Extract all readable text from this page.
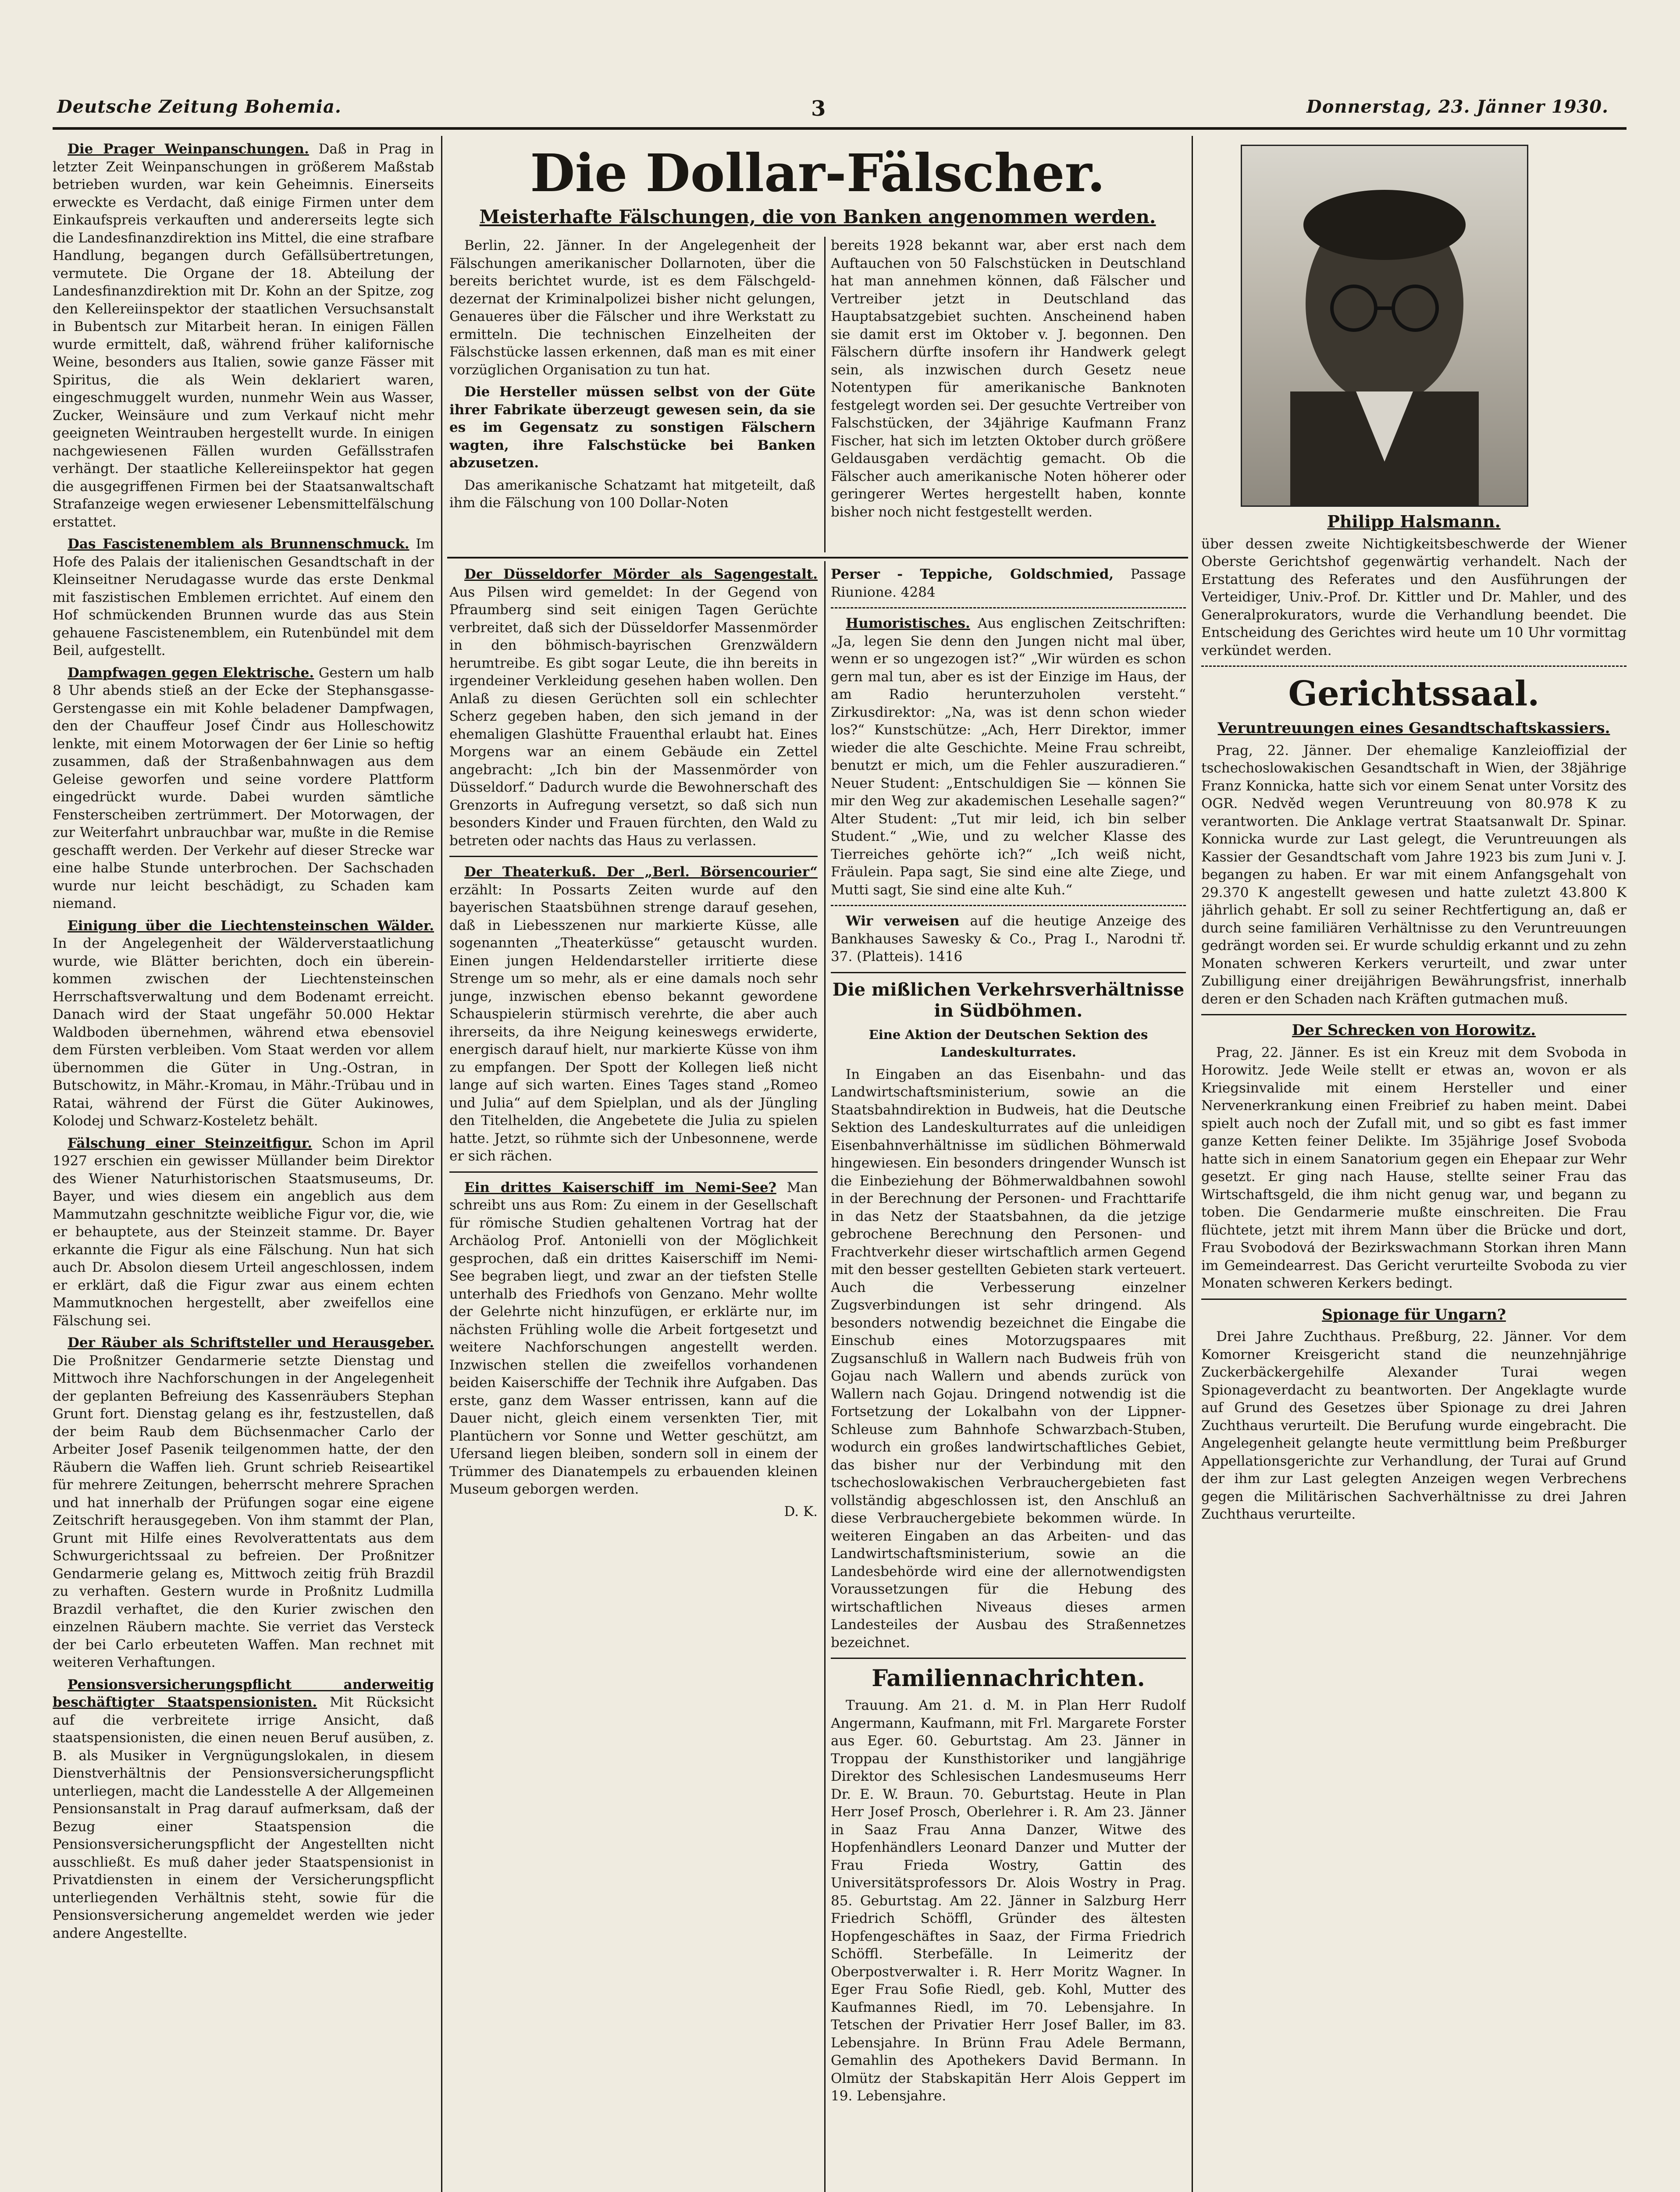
Deutsche Zeitung Bohemia.	3	Donnerstag, 23. Jänner 1930.

Die Prager Weinpanschungen. Daß in Prag in letzter Zeit Weinpanschungen in größerem Maßstab betrieben wurden, war kein Geheimnis. Einerseits erweckte es Verdacht, daß einige Firmen unter dem Einkaufspreis verkauften und andererseits legte sich die Landesfinanzdirektion ins Mittel, die eine strafbare Handlung, begangen durch Gefällsübertretungen, vermutete. Die Organe der 18. Abteilung der Landesfinanzdirektion mit Dr. Kohn an der Spitze, zog den Kellereiinspektor der staatlichen Versuchsanstalt in Bubentsch zur Mitarbeit heran. In einigen Fällen wurde ermittelt, daß, während früher kalifornische Weine, besonders aus Italien, sowie ganze Fässer mit Spiritus, die als Wein deklariert waren, eingeschmuggelt wurden, nunmehr Wein aus Wasser, Zucker, Weinsäure und zum Verkauf nicht mehr geeigneten Weintrauben hergestellt wurde. In einigen nachgewiesenen Fällen wurden Gefällsstrafen verhängt. Der staatliche Kellereiinspektor hat gegen die ausgegriffenen Firmen bei der Staatsanwaltschaft Strafanzeige wegen erwiesener Lebensmittelfälschung erstattet.

Das Fascistenemblem als Brunnenschmuck. Im Hofe des Palais der italienischen Gesandtschaft in der Kleinseitner Nerudagasse wurde das erste Denkmal mit faszistischen Emblemen errichtet. Auf einem den Hof schmückenden Brunnen wurde das aus Stein gehauene Fascistenemblem, ein Rutenbündel mit dem Beil, aufgestellt.

Dampfwagen gegen Elektrische. Gestern um halb 8 Uhr abends stieß an der Ecke der Stephansgasse-Gerstengasse ein mit Kohle beladener Dampfwagen, den der Chauffeur Josef Čindr aus Holleschowitz lenkte, mit einem Motorwagen der 6er Linie so heftig zusammen, daß der Straßenbahnwagen aus dem Geleise geworfen und seine vordere Plattform eingedrückt wurde. Dabei wurden sämtliche Fensterscheiben zertrümmert. Der Motorwagen, der zur Weiterfahrt unbrauchbar war, mußte in die Remise geschafft werden. Der Verkehr auf dieser Strecke war eine halbe Stunde unterbrochen. Der Sachschaden wurde nur leicht beschädigt, zu Schaden kam niemand.

Einigung über die Liechtensteinschen Wälder. In der Angelegenheit der Wälderverstaatlichung wurde, wie Blätter berichten, doch ein übereinkommen zwischen der Liechtensteinschen Herrschaftsverwaltung und dem Bodenamt erreicht. Danach wird der Staat ungefähr 50.000 Hektar Waldboden übernehmen, während etwa ebensoviel dem Fürsten verbleiben. Vom Staat werden vor allem übernommen die Güter in Ung.-Ostran, in Butschowitz, in Mähr.-Kromau, in Mähr.-Trübau und in Ratai, während der Fürst die Güter Aukinowes, Kolodej und Schwarz-Kosteletz behält.

Fälschung einer Steinzeitfigur. Schon im April 1927 erschien ein gewisser Müllander beim Direktor des Wiener Naturhistorischen Staatsmuseums, Dr. Bayer, und wies diesem ein angeblich aus dem Mammutzahn geschnitzte weibliche Figur vor, die, wie er behauptete, aus der Steinzeit stamme. Dr. Bayer erkannte die Figur als eine Fälschung. Nun hat sich auch Dr. Absolon diesem Urteil angeschlossen, indem er erklärt, daß die Figur zwar aus einem echten Mammutknochen hergestellt, aber zweifellos eine Fälschung sei.

Der Räuber als Schriftsteller und Herausgeber. Die Proßnitzer Gendarmerie setzte Dienstag und Mittwoch ihre Nachforschungen in der Angelegenheit der geplanten Befreiung des Kassenräubers Stephan Grunt fort. Dienstag gelang es ihr, festzustellen, daß der beim Raub dem Büchsenmacher Carlo der Arbeiter Josef Pasenik teilgenommen hatte, der den Räubern die Waffen lieh. Grunt schrieb Reiseartikel für mehrere Zeitungen, beherrscht mehrere Sprachen und hat innerhalb der Prüfungen sogar eine eigene Zeitschrift herausgegeben. Von ihm stammt der Plan, Grunt mit Hilfe eines Revolverattentats aus dem Schwurgerichtssaal zu befreien. Der Proßnitzer Gendarmerie gelang es, Mittwoch zeitig früh Brazdil zu verhaften. Gestern wurde in Proßnitz Ludmilla Brazdil verhaftet, die den Kurier zwischen den einzelnen Räubern machte. Sie verriet das Versteck der bei Carlo erbeuteten Waffen. Man rechnet mit weiteren Verhaftungen.

Pensionsversicherungspflicht anderweitig beschäftigter Staatspensionisten. Mit Rücksicht auf die verbreitete irrige Ansicht, daß staatspensionisten, die einen neuen Beruf ausüben, z. B. als Musiker in Vergnügungslokalen, in diesem Dienstverhältnis der Pensionsversicherungspflicht unterliegen, macht die Landesstelle A der Allgemeinen Pensionsanstalt in Prag darauf aufmerksam, daß der Bezug einer Staatspension die Pensionsversicherungspflicht der Angestellten nicht ausschließt. Es muß daher jeder Staatspensionist in Privatdiensten in einem der Versicherungspflicht unterliegenden Verhältnis steht, sowie für die Pensionsversicherung angemeldet werden wie jeder andere Angestellte.

Die Dollar-Fälscher.
Meisterhafte Fälschungen, die von Banken angenommen werden.

Berlin, 22. Jänner. In der Angelegenheit der Fälschungen amerikanischer Dollarnoten, über die bereits berichtet wurde, ist es dem Fälschgeld-dezernat der Kriminalpolizei bisher nicht gelungen, Genaueres über die Fälscher und ihre Werkstatt zu ermitteln. Die technischen Einzelheiten der Fälschstücke lassen erkennen, daß man es mit einer vorzüglichen Organisation zu tun hat.

Die Hersteller müssen selbst von der Güte ihrer Fabrikate überzeugt gewesen sein, da sie es im Gegensatz zu sonstigen Fälschern wagten, ihre Falschstücke bei Banken abzusetzen.

Das amerikanische Schatzamt hat mitgeteilt, daß ihm die Fälschung von 100 Dollar-Noten

bereits 1928 bekannt war, aber erst nach dem Auftauchen von 50 Falschstücken in Deutschland hat man annehmen können, daß Fälscher und Vertreiber jetzt in Deutschland das Hauptabsatzgebiet suchten. Anscheinend haben sie damit erst im Oktober v. J. begonnen. Den Fälschern dürfte insofern ihr Handwerk gelegt sein, als inzwischen durch Gesetz neue Notentypen für amerikanische Banknoten festgelegt worden sei. Der gesuchte Vertreiber von Falschstücken, der 34jährige Kaufmann Franz Fischer, hat sich im letzten Oktober durch größere Geldausgaben verdächtig gemacht. Ob die Fälscher auch amerikanische Noten höherer oder geringerer Wertes hergestellt haben, konnte bisher noch nicht festgestellt werden.

Der Düsseldorfer Mörder als Sagengestalt. Aus Pilsen wird gemeldet: In der Gegend von Pfraumberg sind seit einigen Tagen Gerüchte verbreitet, daß sich der Düsseldorfer Massenmörder in den böhmisch-bayrischen Grenzwäldern herumtreibe. Es gibt sogar Leute, die ihn bereits in irgendeiner Verkleidung gesehen haben wollen. Den Anlaß zu diesen Gerüchten soll ein schlechter Scherz gegeben haben, den sich jemand in der ehemaligen Glashütte Frauenthal erlaubt hat. Eines Morgens war an einem Gebäude ein Zettel angebracht: „Ich bin der Massenmörder von Düsseldorf.“ Dadurch wurde die Bewohnerschaft des Grenzorts in Aufregung versetzt, so daß sich nun besonders Kinder und Frauen fürchten, den Wald zu betreten oder nachts das Haus zu verlassen.

Der Theaterkuß. Der „Berl. Börsencourier“ erzählt: In Possarts Zeiten wurde auf den bayerischen Staatsbühnen strenge darauf gesehen, daß in Liebesszenen nur markierte Küsse, alle sogenannten „Theaterküsse“ getauscht wurden. Einen jungen Heldendarsteller irritierte diese Strenge um so mehr, als er eine damals noch sehr junge, inzwischen ebenso bekannt gewordene Schauspielerin stürmisch verehrte, die aber auch ihrerseits, da ihre Neigung keineswegs erwiderte, energisch darauf hielt, nur markierte Küsse von ihm zu empfangen. Der Spott der Kollegen ließ nicht lange auf sich warten. Eines Tages stand „Romeo und Julia“ auf dem Spielplan, und als der Jüngling den Titelhelden, die Angebetete die Julia zu spielen hatte. Jetzt, so rühmte sich der Unbesonnene, werde er sich rächen.

Ein drittes Kaiserschiff im Nemi-See? Man schreibt uns aus Rom: Zu einem in der Gesellschaft für römische Studien gehaltenen Vortrag hat der Archäolog Prof. Antonielli von der Möglichkeit gesprochen, daß ein drittes Kaiserschiff im Nemi-See begraben liegt, und zwar an der tiefsten Stelle unterhalb des Friedhofs von Genzano. Mehr wollte der Gelehrte nicht hinzufügen, er erklärte nur, im nächsten Frühling wolle die Arbeit fortgesetzt und weitere Nachforschungen angestellt werden. Inzwischen stellen die zweifellos vorhandenen beiden Kaiserschiffe der Technik ihre Aufgaben. Das erste, ganz dem Wasser entrissen, kann auf die Dauer nicht, gleich einem versenkten Tier, mit Plantüchern vor Sonne und Wetter geschützt, am Ufersand liegen bleiben, sondern soll in einem der Trümmer des Dianatempels zu erbauenden kleinen Museum geborgen werden.

D. K.

Perser - Teppiche, Goldschmied, Passage Riunione. 4284

Humoristisches. Aus englischen Zeitschriften: „Ja, legen Sie denn den Jungen nicht mal über, wenn er so ungezogen ist?“ „Wir würden es schon gern mal tun, aber es ist der Einzige im Haus, der am Radio herunterzuholen versteht.“ Zirkusdirektor: „Na, was ist denn schon wieder los?“ Kunstschütze: „Ach, Herr Direktor, immer wieder die alte Geschichte. Meine Frau schreibt, benutzt er mich, um die Fehler auszuradieren.“ Neuer Student: „Entschuldigen Sie — können Sie mir den Weg zur akademischen Lesehalle sagen?“ Alter Student: „Tut mir leid, ich bin selber Student.“ „Wie, und zu welcher Klasse des Tierreiches gehörte ich?“ „Ich weiß nicht, Fräulein. Papa sagt, Sie sind eine alte Ziege, und Mutti sagt, Sie sind eine alte Kuh.“

Wir verweisen auf die heutige Anzeige des Bankhauses Sawesky & Co., Prag I., Narodni tř. 37. (Platteis). 1416

Die mißlichen Verkehrsverhältnisse in Südböhmen.

Eine Aktion der Deutschen Sektion des Landeskulturrates.

In Eingaben an das Eisenbahn- und das Landwirtschaftsministerium, sowie an die Staatsbahndirektion in Budweis, hat die Deutsche Sektion des Landeskulturrates auf die unleidigen Eisenbahnverhältnisse im südlichen Böhmerwald hingewiesen. Ein besonders dringender Wunsch ist die Einbeziehung der Böhmerwaldbahnen sowohl in der Berechnung der Personen- und Frachttarife in das Netz der Staatsbahnen, da die jetzige gebrochene Berechnung den Personen- und Frachtverkehr dieser wirtschaftlich armen Gegend mit den besser gestellten Gebieten stark verteuert. Auch die Verbesserung einzelner Zugsverbindungen ist sehr dringend. Als besonders notwendig bezeichnet die Eingabe die Einschub eines Motorzugspaares mit Zugsanschluß in Wallern nach Budweis früh von Gojau nach Wallern und abends zurück von Wallern nach Gojau. Dringend notwendig ist die Fortsetzung der Lokalbahn von der Lippner-Schleuse zum Bahnhofe Schwarzbach-Stuben, wodurch ein großes landwirtschaftliches Gebiet, das bisher nur der Verbindung mit den tschechoslowakischen Verbrauchergebieten fast vollständig abgeschlossen ist, den Anschluß an diese Verbrauchergebiete bekommen würde. In weiteren Eingaben an das Arbeiten- und das Landwirtschaftsministerium, sowie an die Landesbehörde wird eine der allernotwendigsten Voraussetzungen für die Hebung des wirtschaftlichen Niveaus dieses armen Landesteiles der Ausbau des Straßennetzes bezeichnet.

Familiennachrichten.

Trauung. Am 21. d. M. in Plan Herr Rudolf Angermann, Kaufmann, mit Frl. Margarete Forster aus Eger. 60. Geburtstag. Am 23. Jänner in Troppau der Kunsthistoriker und langjährige Direktor des Schlesischen Landesmuseums Herr Dr. E. W. Braun. 70. Geburtstag. Heute in Plan Herr Josef Prosch, Oberlehrer i. R. Am 23. Jänner in Saaz Frau Anna Danzer, Witwe des Hopfenhändlers Leonard Danzer und Mutter der Frau Frieda Wostry, Gattin des Universitätsprofessors Dr. Alois Wostry in Prag. 85. Geburtstag. Am 22. Jänner in Salzburg Herr Friedrich Schöffl, Gründer des ältesten Hopfengeschäftes in Saaz, der Firma Friedrich Schöffl. Sterbefälle. In Leimeritz der Oberpostverwalter i. R. Herr Moritz Wagner. In Eger Frau Sofie Riedl, geb. Kohl, Mutter des Kaufmannes Riedl, im 70. Lebensjahre. In Tetschen der Privatier Herr Josef Baller, im 83. Lebensjahre. In Brünn Frau Adele Bermann, Gemahlin des Apothekers David Bermann. In Olmütz der Stabskapitän Herr Alois Geppert im 19. Lebensjahre.

Philipp Halsmann.

über dessen zweite Nichtigkeitsbeschwerde der Wiener Oberste Gerichtshof gegenwärtig verhandelt. Nach der Erstattung des Referates und den Ausführungen der Verteidiger, Univ.-Prof. Dr. Kittler und Dr. Mahler, und des Generalprokurators, wurde die Verhandlung beendet. Die Entscheidung des Gerichtes wird heute um 10 Uhr vormittag verkündet werden.

Gerichtssaal.

Veruntreuungen eines Gesandtschaftskassiers.

Prag, 22. Jänner. Der ehemalige Kanzleioffizial der tschechoslowakischen Gesandtschaft in Wien, der 38jährige Franz Konnicka, hatte sich vor einem Senat unter Vorsitz des OGR. Nedvěd wegen Veruntreuung von 80.978 K zu verantworten. Die Anklage vertrat Staatsanwalt Dr. Spinar. Konnicka wurde zur Last gelegt, die Veruntreuungen als Kassier der Gesandtschaft vom Jahre 1923 bis zum Juni v. J. begangen zu haben. Er war mit einem Anfangsgehalt von 29.370 K angestellt gewesen und hatte zuletzt 43.800 K jährlich gehabt. Er soll zu seiner Rechtfertigung an, daß er durch seine familiären Verhältnisse zu den Veruntreuungen gedrängt worden sei. Er wurde schuldig erkannt und zu zehn Monaten schweren Kerkers verurteilt, und zwar unter Zubilligung einer dreijährigen Bewährungsfrist, innerhalb deren er den Schaden nach Kräften gutmachen muß.

Der Schrecken von Horowitz.

Prag, 22. Jänner. Es ist ein Kreuz mit dem Svoboda in Horowitz. Jede Weile stellt er etwas an, wovon er als Kriegsinvalide mit einem Hersteller und einer Nervenerkrankung einen Freibrief zu haben meint. Dabei spielt auch noch der Zufall mit, und so gibt es fast immer ganze Ketten feiner Delikte. Im 35jährige Josef Svoboda hatte sich in einem Sanatorium gegen ein Ehepaar zur Wehr gesetzt. Er ging nach Hause, stellte seiner Frau das Wirtschaftsgeld, die ihm nicht genug war, und begann zu toben. Die Gendarmerie mußte einschreiten. Die Frau flüchtete, jetzt mit ihrem Mann über die Brücke und dort, Frau Svobodová der Bezirkswachmann Storkan ihren Mann im Gemeindearrest. Das Gericht verurteilte Svoboda zu vier Monaten schweren Kerkers bedingt.

Spionage für Ungarn?

Drei Jahre Zuchthaus. Preßburg, 22. Jänner. Vor dem Komorner Kreisgericht stand die neunzehnjährige Zuckerbäckergehilfe Alexander Turai wegen Spionageverdacht zu beantworten. Der Angeklagte wurde auf Grund des Gesetzes über Spionage zu drei Jahren Zuchthaus verurteilt. Die Berufung wurde eingebracht. Die Angelegenheit gelangte heute vermittlung beim Preßburger Appellationsgerichte zur Verhandlung, der Turai auf Grund der ihm zur Last gelegten Anzeigen wegen Verbrechens gegen die Militärischen Sachverhältnisse zu drei Jahren Zuchthaus verurteilte.
